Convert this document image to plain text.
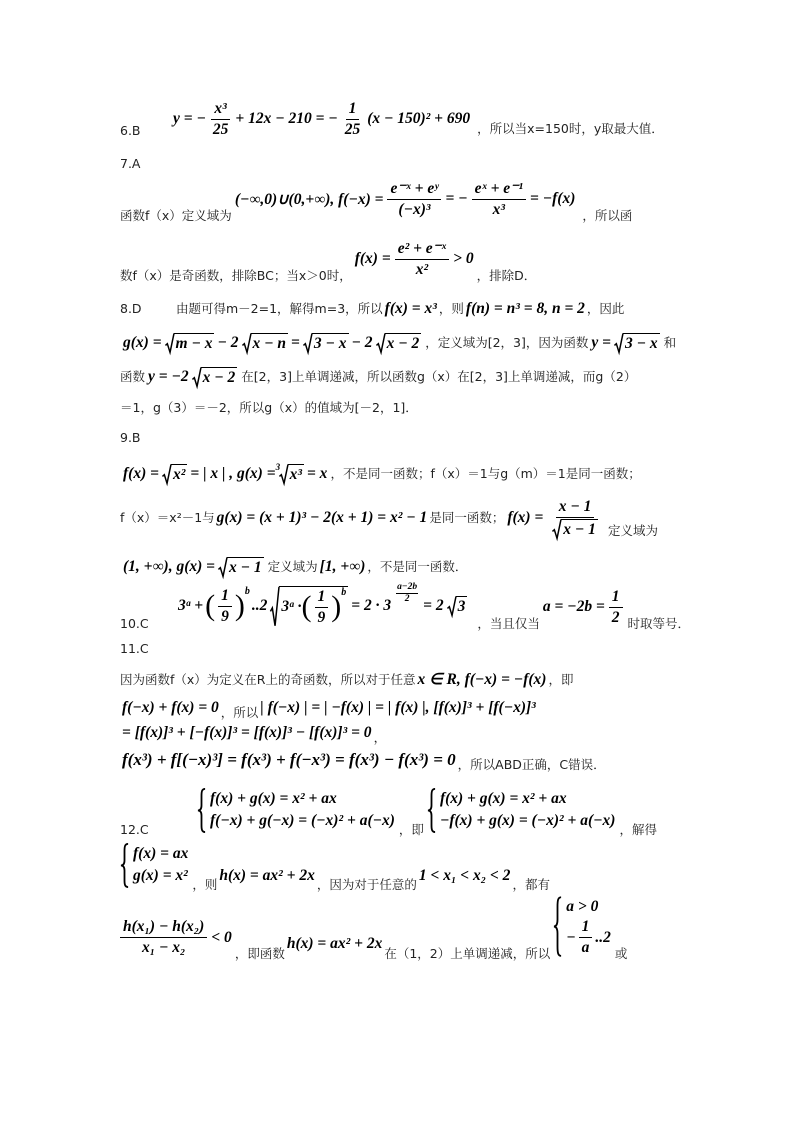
6.B
y = − $\frac{\text{x³}}{25} + 12x - 210$ = − $\frac{1}{25} (x - 150)^2 + 690$
，所以当x=150时，y取最大值．
7.A
函数f（x）定义域为
(−∞,0)∪(0,+∞), $f(-x) = \frac{\text{e⁻ˣ + eʸ}}{\text{(−x)³}}$ = − $\frac{\text{eˣ + e⁻¹}}{\text{x³}} = -f(x)$
，所以函
数f（x）是奇函数，排除BC；当x＞0时，
$f(x) = \frac{\text{e² + e⁻ˣ}}{\text{x²}} > 0$
，排除D．
8.D	由题可得m－2=1，解得m=3，所以 f(x) = x³ ，则 f(n) = n³ = 8, n = 2 ，因此
g(x) = m − x − 2 x − n = 3 − x − 2 x − 2 ，定义域为[2，3]，因为函数 y = 3 − x 和
函数 y = −2 x − 2 在[2，3]上单调递减，所以函数g（x）在[2，3]上单调递减，而g（2）
＝1，g（3）＝－2，所以g（x）的值域为[－2，1]．
9.B
f(x) = x² = | x | , g(x) = 3 x³ = x ，不是同一函数；f（x）＝1与g（m）＝1是同一函数；
f（x）＝x²－1与 g(x) = (x + 1)³ − 2(x + 1) = x² − 1 是同一函数； $f(x) = \frac{x - 1}{x - 1}$ 定义域为
(1, +∞), g(x) = x − 1 定义域为 [1, +∞) ，不是同一函数．
10.C
3ᵃ + ( $\frac{1}{9}$ ) b
..2 3ᵃ · ( $\frac{1}{9}$ ) b
= 2 · 3
$\frac{a-2b}{2}$
= 2 3
，当且仅当
$a = -2b = \frac{1}{2}$ 时取等号．
11.C
因为函数f（x）为定义在R上的奇函数，所以对于任意 x ∈ R, f(−x) = −f(x) ，即
f(−x) + f(x) = 0 ，所以 | f(−x) | = | −f(x) | = | f(x) |, [f(x)]³ + [f(−x)]³
= [f(x)]³ + [−f(x)]³ = [f(x)]³ − [f(x)]³ = 0 ，
f(x³) + f[(−x)³] = f(x³) + f(−x³) = f(x³) − f(x³) = 0 ，所以ABD正确，C错误．
12.C
f(x) + g(x) = x² + ax
f(−x) + g(−x) = (−x)² + a(−x) ，即
f(x) + g(x) = x² + ax
−f(x) + g(x) = (−x)² + a(−x) ，解得
f(x) = ax
g(x) = x² ，则
h(x) = ax² + 2x
，因为对于任意的
1 < x₁ < x₂ < 2
，都有
$\frac{\text{h(x₁) − h(x₂)}}{\text{x₁ − x₂}} < 0$
，即函数
h(x) = ax² + 2x
在（1，2）上单调递减，所以
a > 0
− $\frac{1}{a} ..2$
或
